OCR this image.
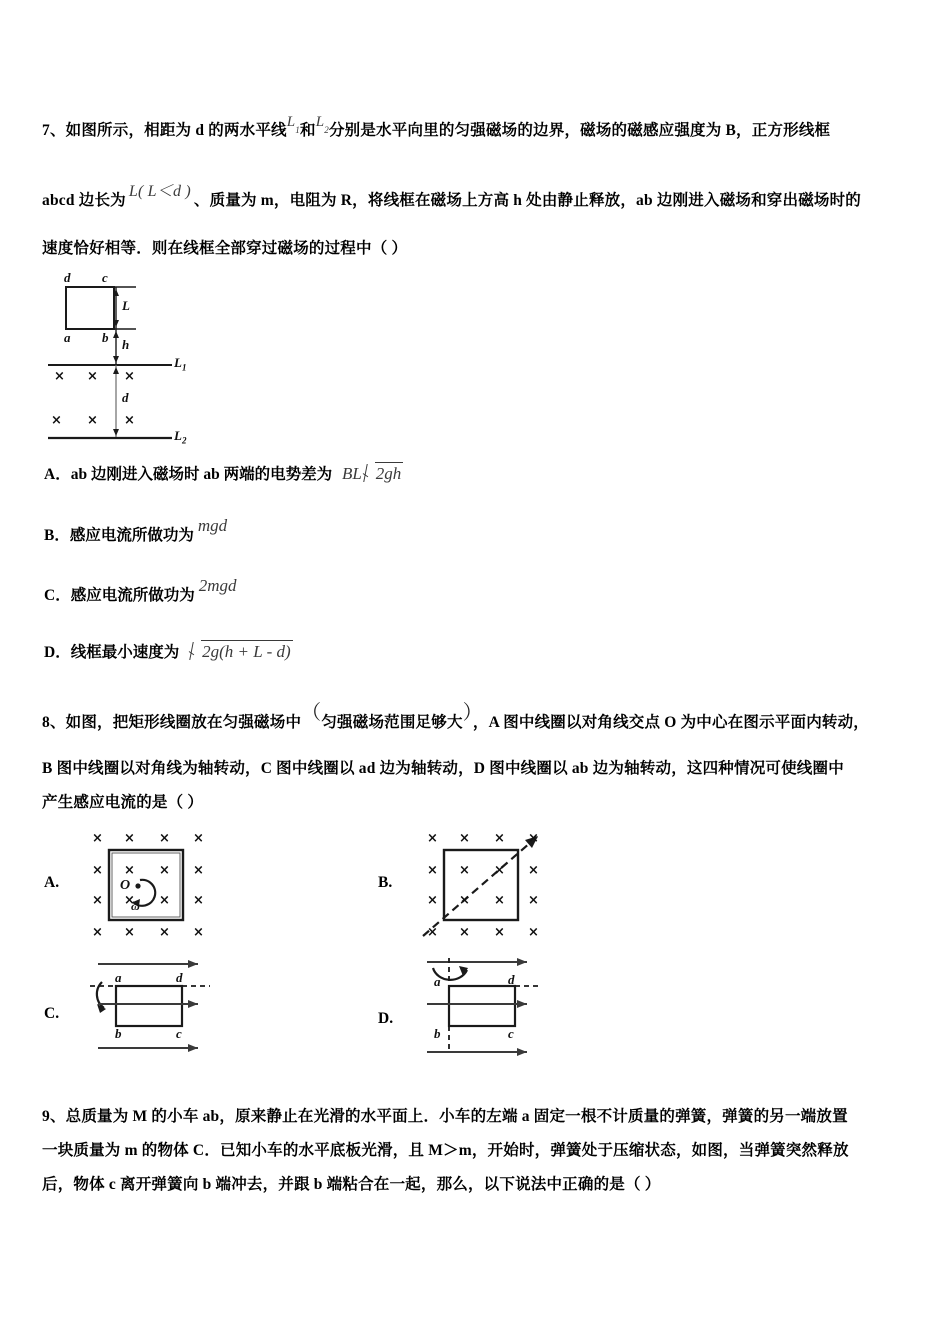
7、如图所示，相距为 d 的两水平线$L_1$和$L_2$分别是水平向里的匀强磁场的边界，磁场的磁感应强度为 B，正方形线框
abcd 边长为L( L＜d )、质量为 m，电阻为 R，将线框在磁场上方高 h 处由静止释放，ab 边刚进入磁场和穿出磁场时的
速度恰好相等．则在线框全部穿过磁场的过程中（ ）
d c
a b
L
h
d
$L_1$
$L_2$
× × ×
× × ×
A．ab 边刚进入磁场时 ab 两端的电势差为 BL 2gh
B．感应电流所做功为mgd
C．感应电流所做功为2mgd
D．线框最小速度为 2g(h + L - d)
8、如图，把矩形线圈放在匀强磁场中（匀强磁场范围足够大），A 图中线圈以对角线交点 O 为中心在图示平面内转动，
B 图中线圈以对角线为轴转动，C 图中线圈以 ad 边为轴转动，D 图中线圈以 ab 边为轴转动，这四种情况可使线圈中
产生感应电流的是（ ）
A.
× × × ×
× × × ×
× × × ×
× × × ×
O
ω
B.
× × × ×
× × × ×
× × × ×
× × × ×
C.
a	d
b	c
D.
a	d
b	c
9、总质量为 M 的小车 ab，原来静止在光滑的水平面上．小车的左端 a 固定一根不计质量的弹簧，弹簧的另一端放置
一块质量为 m 的物体 C．已知小车的水平底板光滑，且 M＞m，开始时，弹簧处于压缩状态，如图，当弹簧突然释放
后，物体 c 离开弹簧向 b 端冲去，并跟 b 端粘合在一起，那么，以下说法中正确的是（ ）
